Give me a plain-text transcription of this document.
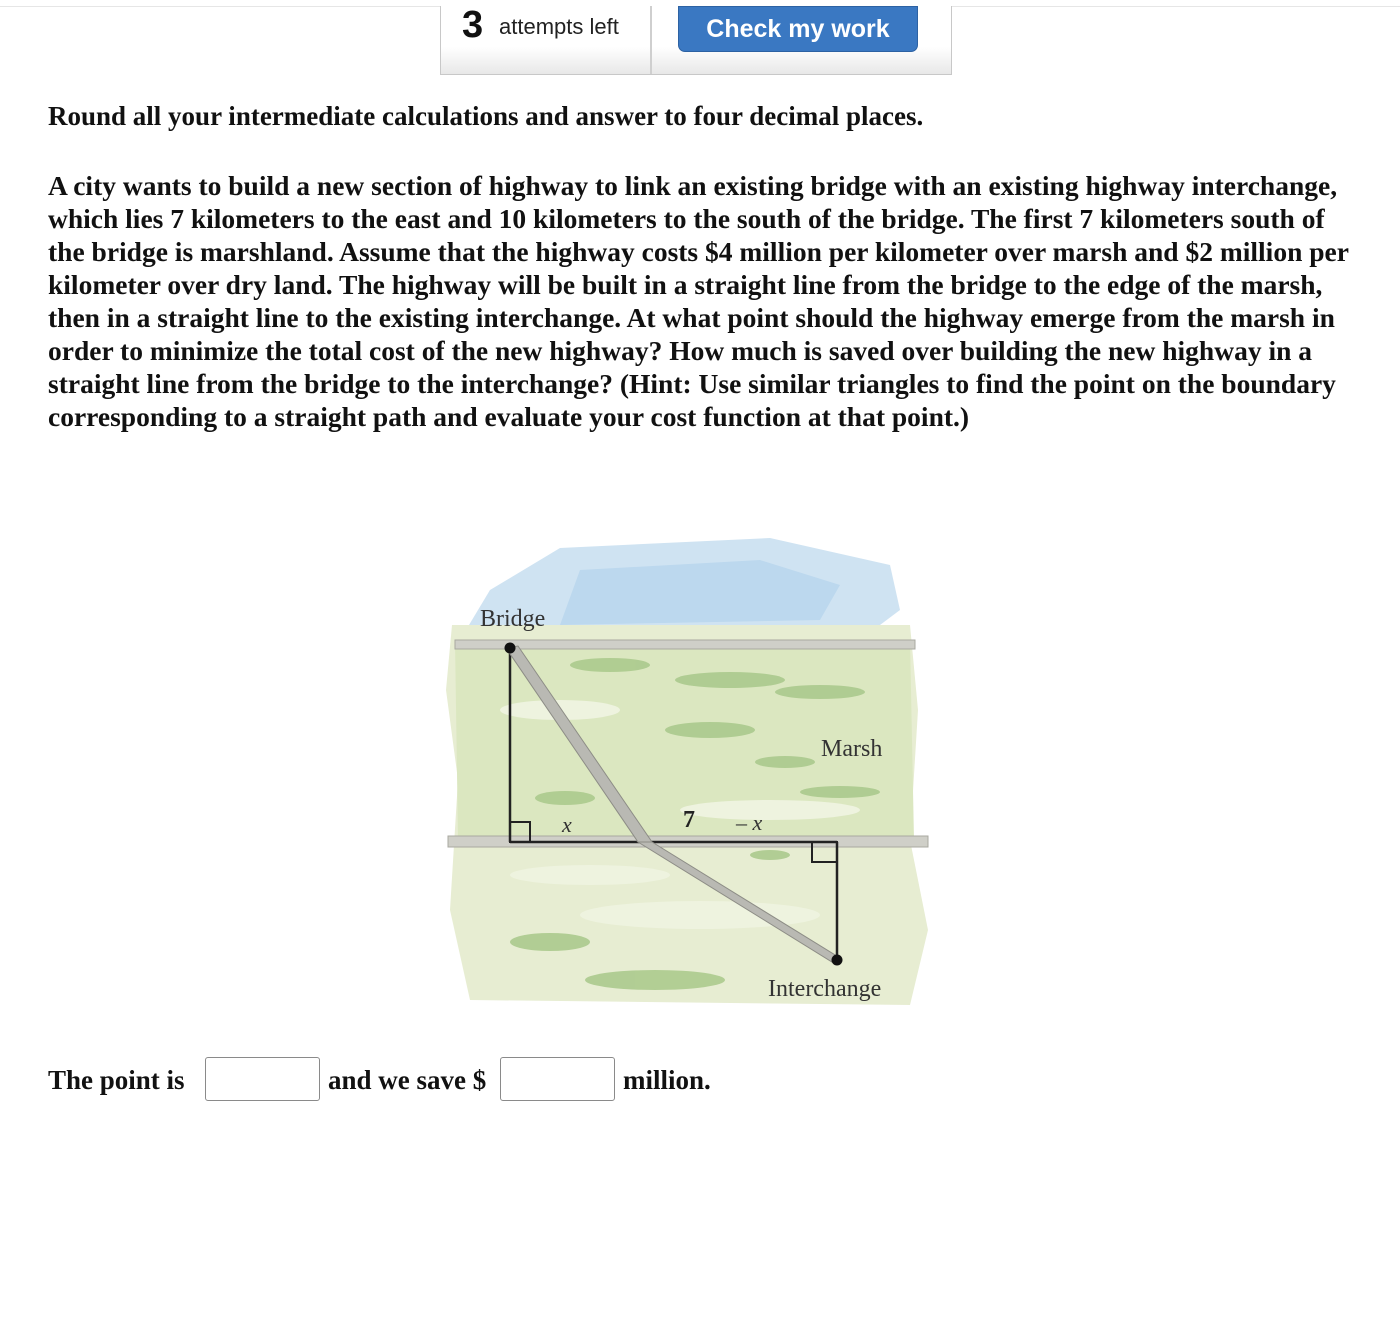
3 attempts left	Check my work
Round all your intermediate calculations and answer to four decimal places.

A city wants to build a new section of highway to link an existing bridge with an existing highway interchange, which lies 7 kilometers to the east and 10 kilometers to the south of the bridge. The first 7 kilometers south of the bridge is marshland. Assume that the highway costs $4 million per kilometer over marsh and $2 million per kilometer over dry land. The highway will be built in a straight line from the bridge to the edge of the marsh, then in a straight line to the existing interchange. At what point should the highway emerge from the marsh in order to minimize the total cost of the new highway? How much is saved over building the new highway in a straight line from the bridge to the interchange? (Hint: Use similar triangles to find the point on the boundary corresponding to a straight path and evaluate your cost function at that point.)

Bridge
Marsh
x	7 – x
Interchange
The point is	and we save $	million.
